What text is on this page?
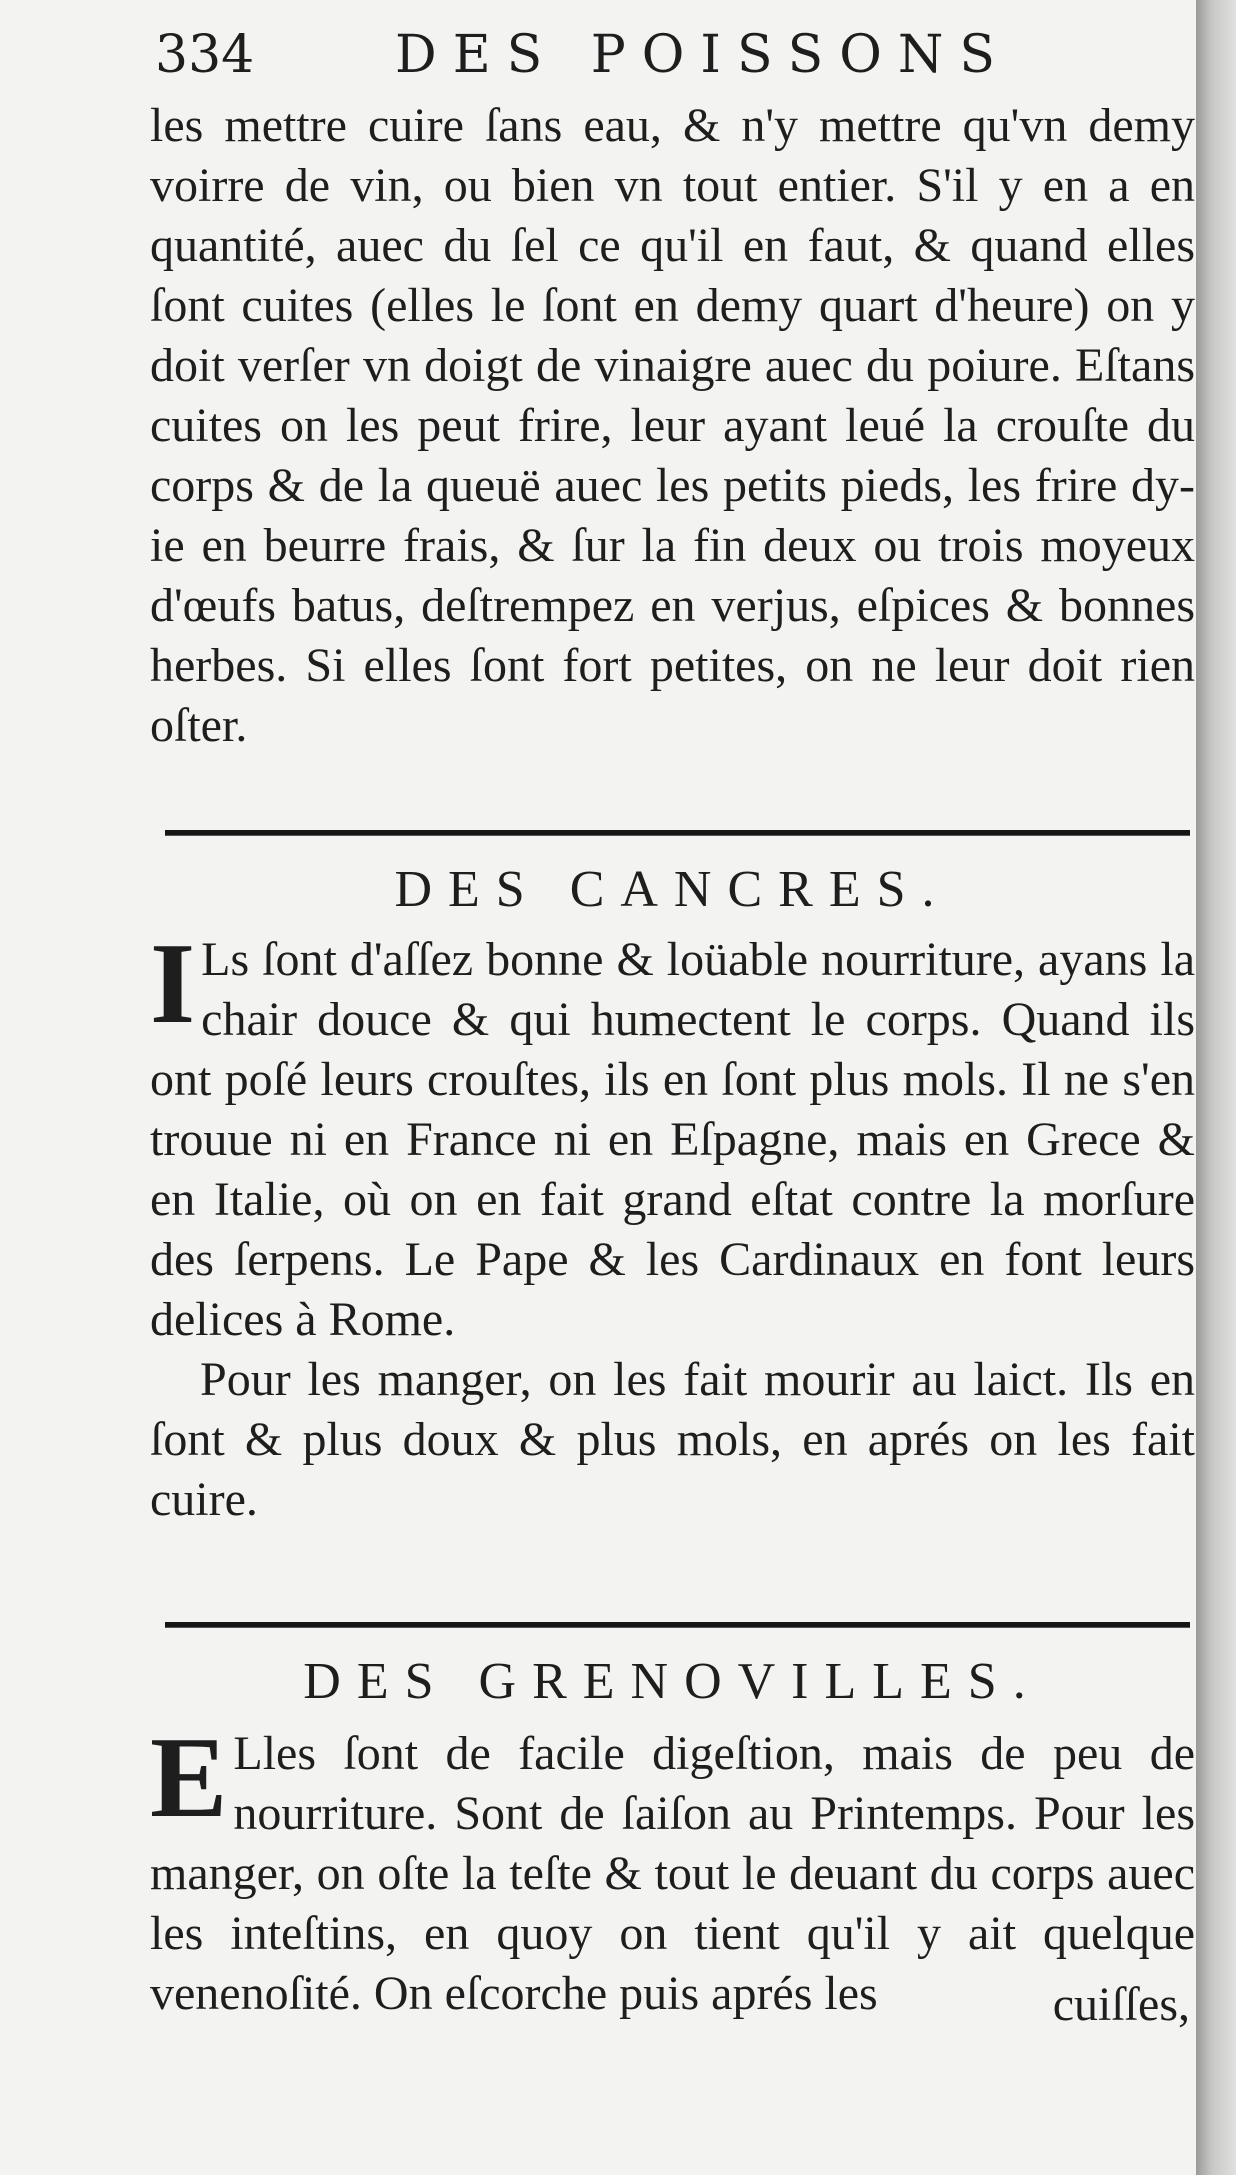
334	DES POISSONS

les mettre cuire ſans eau, & n'y mettre qu'vn demy voirre de vin, ou bien vn tout entier. S'il y en a en quantité, auec du ſel ce qu'il en faut, & quand elles ſont cuites (elles le ſont en demy quart d'heure) on y doit verſer vn doigt de vinaigre auec du poiure. Eſtans cuites on les peut frire, leur ayant leué la crouſte du corps & de la queuë auec les petits pieds, les frire dy-ie en beurre frais, & ſur la fin deux ou trois moyeux d'œufs batus, deſtrempez en verjus, eſpices & bonnes herbes. Si elles ſont fort petites, on ne leur doit rien oſter.

DES CANCRES.

I Ls ſont d'aſſez bonne & loüable nourriture, ayans la chair douce & qui humectent le corps. Quand ils ont poſé leurs crouſtes, ils en ſont plus mols. Il ne s'en trouue ni en France ni en Eſpagne, mais en Grece & en Italie, où on en fait grand eſtat contre la morſure des ſerpens. Le Pape & les Cardinaux en font leurs delices à Rome.

Pour les manger, on les fait mourir au laict. Ils en ſont & plus doux & plus mols, en aprés on les fait cuire.

DES GRENOVILLES.

E Lles ſont de facile digeſtion, mais de peu de nourriture. Sont de ſaiſon au Printemps. Pour les manger, on oſte la teſte & tout le deuant du corps auec les inteſtins, en quoy on tient qu'il y ait quelque venenoſité. On eſcorche puis aprés les	cuiſſes,
